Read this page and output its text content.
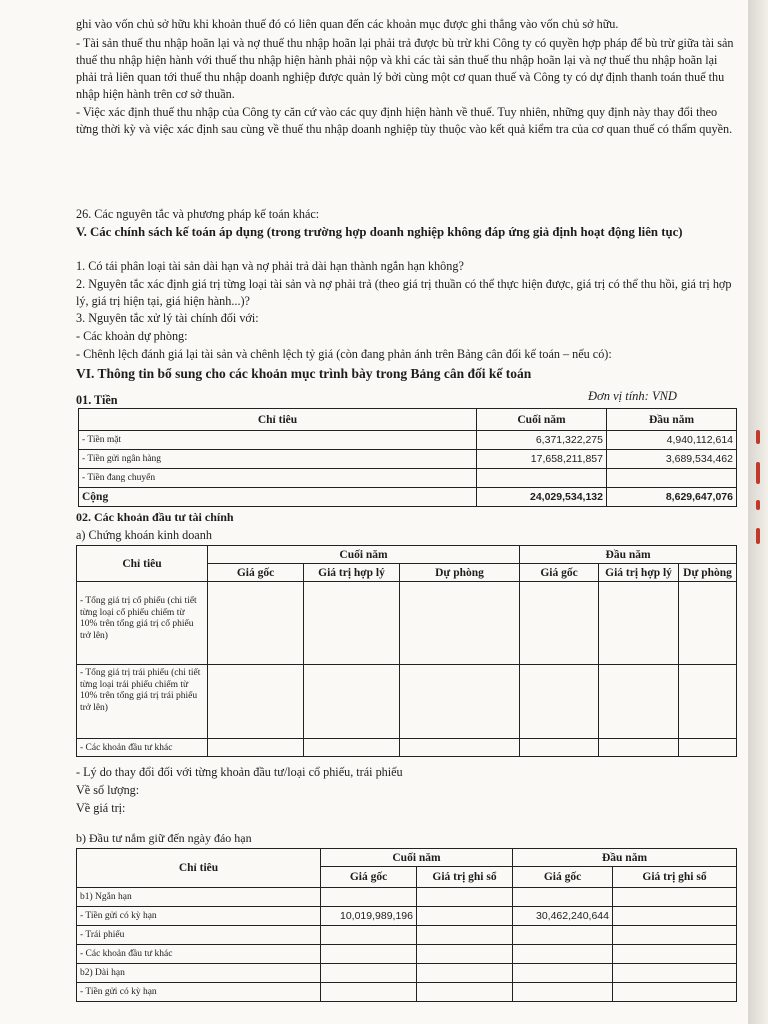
ghi vào vốn chủ sở hữu khi khoản thuế đó có liên quan đến các khoản mục được ghi thẳng vào vốn chủ sở hữu.

- Tài sản thuế thu nhập hoãn lại và nợ thuế thu nhập hoãn lại phải trả được bù trừ khi Công ty có quyền hợp pháp để bù trừ giữa tài sản thuế thu nhập hiện hành với thuế thu nhập hiện hành phải nộp và khi các tài sản thuế thu nhập hoãn lại và nợ thuế thu nhập hoãn lại phải trả liên quan tới thuế thu nhập doanh nghiệp được quản lý bởi cùng một cơ quan thuế và Công ty có dự định thanh toán thuế thu nhập hiện hành trên cơ sở thuần.

- Việc xác định thuế thu nhập của Công ty căn cứ vào các quy định hiện hành về thuế. Tuy nhiên, những quy định này thay đổi theo từng thời kỳ và việc xác định sau cùng về thuế thu nhập doanh nghiệp tùy thuộc vào kết quả kiểm tra của cơ quan thuế có thẩm quyền.

26. Các nguyên tắc và phương pháp kế toán khác:

V. Các chính sách kế toán áp dụng (trong trường hợp doanh nghiệp không đáp ứng giả định hoạt động liên tục)

1. Có tái phân loại tài sản dài hạn và nợ phải trả dài hạn thành ngắn hạn không?

2. Nguyên tắc xác định giá trị từng loại tài sản và nợ phải trả (theo giá trị thuần có thể thực hiện được, giá trị có thể thu hồi, giá trị hợp lý, giá trị hiện tại, giá hiện hành...)?

3. Nguyên tắc xử lý tài chính đối với:

- Các khoản dự phòng:

- Chênh lệch đánh giá lại tài sản và chênh lệch tỷ giá (còn đang phản ánh trên Bảng cân đối kế toán – nếu có):

VI. Thông tin bổ sung cho các khoản mục trình bày trong Bảng cân đối kế toán

01. Tiền	Đơn vị tính: VND
Chỉ tiêu	Cuối năm	Đầu năm
- Tiền mặt	6,371,322,275	4,940,112,614
- Tiền gửi ngân hàng	17,658,211,857	3,689,534,462
- Tiền đang chuyển		
Cộng	24,029,534,132	8,629,647,076

02. Các khoản đầu tư tài chính

a) Chứng khoán kinh doanh

Chỉ tiêu	Cuối năm			Đầu năm		
	Giá gốc	Giá trị hợp lý	Dự phòng	Giá gốc	Giá trị hợp lý	Dự phòng
- Tổng giá trị cổ phiếu (chi tiết từng loại cổ phiếu chiếm từ 10% trên tổng giá trị cổ phiếu trở lên)						
- Tổng giá trị trái phiếu (chi tiết từng loại trái phiếu chiếm từ 10% trên tổng giá trị trái phiếu trở lên)						
- Các khoản đầu tư khác						

- Lý do thay đổi đối với từng khoản đầu tư/loại cổ phiếu, trái phiếu

Về số lượng:

Về giá trị:

b) Đầu tư nắm giữ đến ngày đáo hạn

Chỉ tiêu	Cuối năm		Đầu năm	
	Giá gốc	Giá trị ghi sổ	Giá gốc	Giá trị ghi sổ
b1) Ngắn hạn				
- Tiền gửi có kỳ hạn	10,019,989,196		30,462,240,644	
- Trái phiếu				
- Các khoản đầu tư khác				
b2) Dài hạn				
- Tiền gửi có kỳ hạn				
